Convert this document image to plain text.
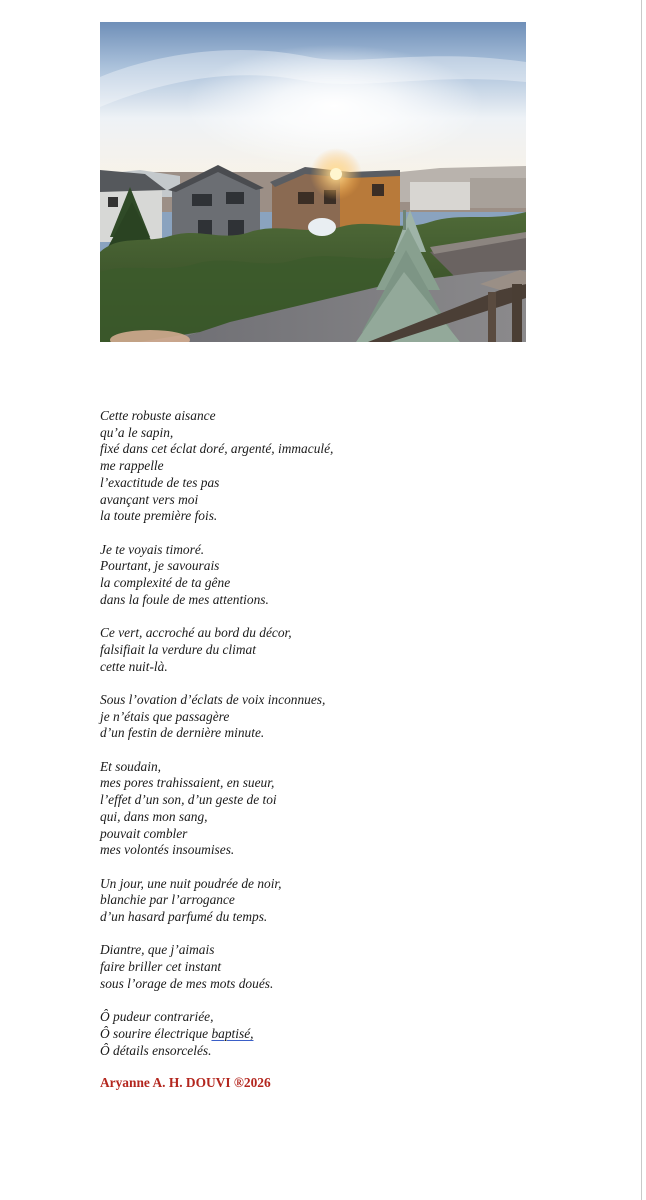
Cette robuste aisance
qu’a le sapin,
fixé dans cet éclat doré, argenté, immaculé,
me rappelle
l’exactitude de tes pas
avançant vers moi
la toute première fois.
Je te voyais timoré.
Pourtant, je savourais
la complexité de ta gêne
dans la foule de mes attentions.
Ce vert, accroché au bord du décor,
falsifiait la verdure du climat
cette nuit-là.
Sous l’ovation d’éclats de voix inconnues,
je n’étais que passagère
d’un festin de dernière minute.
Et soudain,
mes pores trahissaient, en sueur,
l’effet d’un son, d’un geste de toi
qui, dans mon sang,
pouvait combler
mes volontés insoumises.
Un jour, une nuit poudrée de noir,
blanchie par l’arrogance
d’un hasard parfumé du temps.
Diantre, que j’aimais
faire briller cet instant
sous l’orage de mes mots doués.
Ô pudeur contrariée,
Ô sourire électrique baptisé,
Ô détails ensorcelés.
Aryanne A. H. DOUVI ®2026
